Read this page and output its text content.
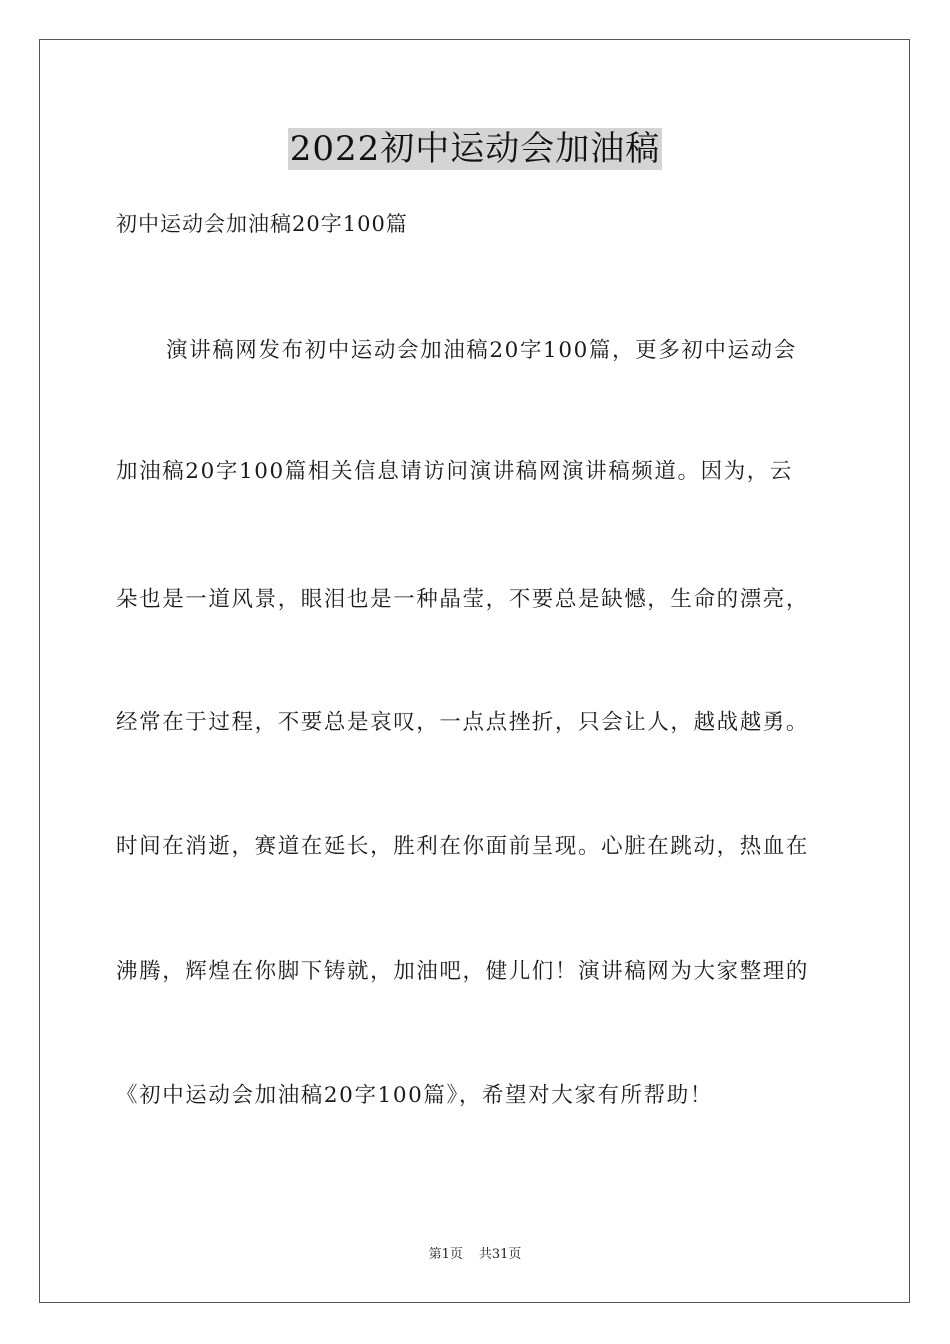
2022初中运动会加油稿
初中运动会加油稿20字100篇
演讲稿网发布初中运动会加油稿20字100篇，更多初中运动会
加油稿20字100篇相关信息请访问演讲稿网演讲稿频道。因为，云
朵也是一道风景，眼泪也是一种晶莹，不要总是缺憾，生命的漂亮，
经常在于过程，不要总是哀叹，一点点挫折，只会让人，越战越勇。
时间在消逝，赛道在延长，胜利在你面前呈现。心脏在跳动，热血在
沸腾，辉煌在你脚下铸就，加油吧，健儿们！演讲稿网为大家整理的
《初中运动会加油稿20字100篇》，希望对大家有所帮助！
第1页 共31页
